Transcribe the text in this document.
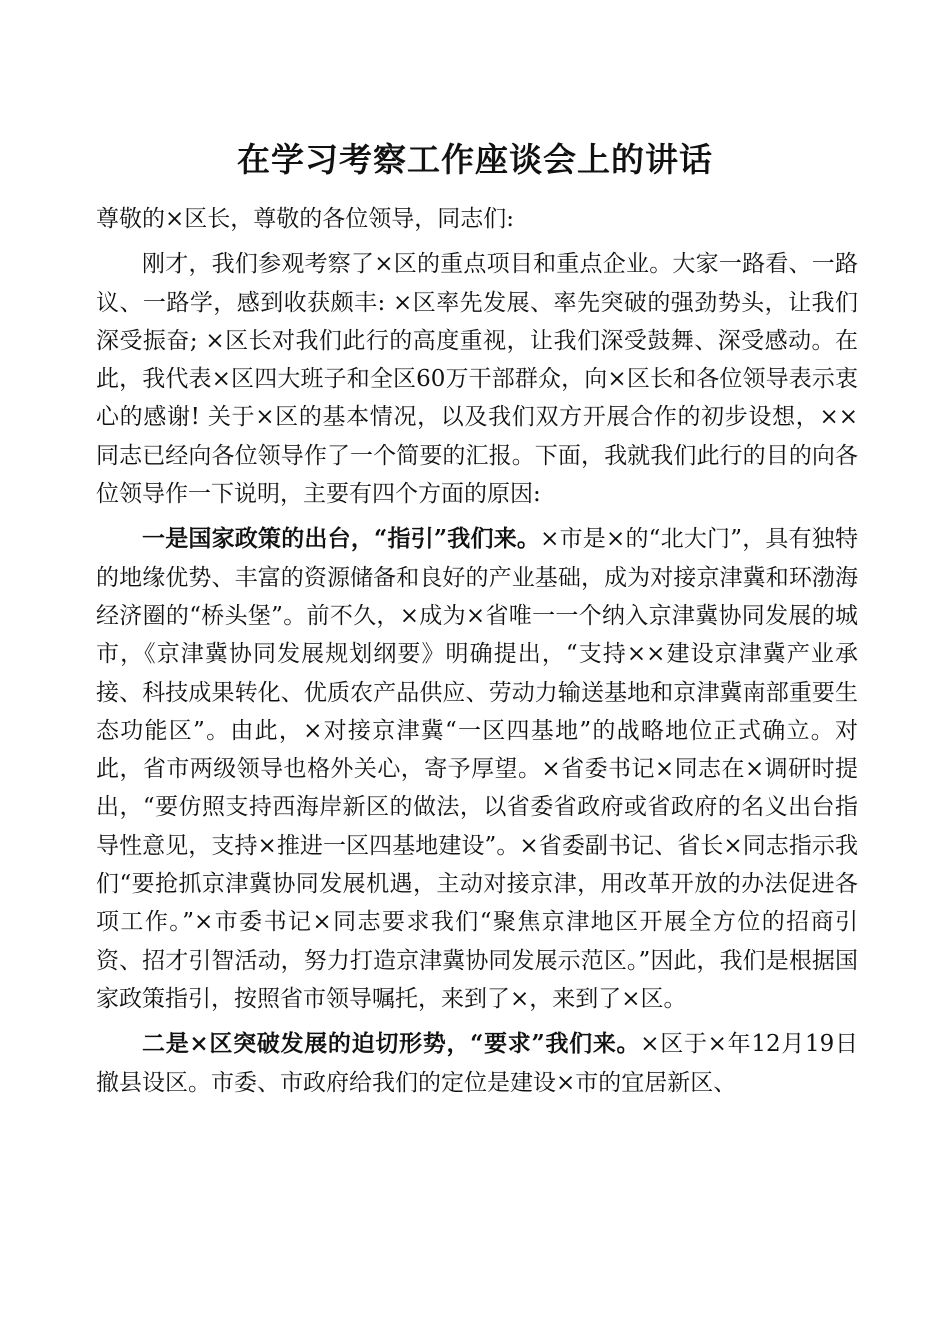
在学习考察工作座谈会上的讲话

尊敬的×区长，尊敬的各位领导，同志们:

刚才，我们参观考察了×区的重点项目和重点企业。大家一路看、一路议、一路学，感到收获颇丰: ×区率先发展、率先突破的强劲势头，让我们深受振奋; ×区长对我们此行的高度重视，让我们深受鼓舞、深受感动。在此，我代表×区四大班子和全区60万干部群众，向×区长和各位领导表示衷心的感谢! 关于×区的基本情况，以及我们双方开展合作的初步设想，××同志已经向各位领导作了一个简要的汇报。下面，我就我们此行的目的向各位领导作一下说明，主要有四个方面的原因:

一是国家政策的出台，“指引”我们来。×市是×的“北大门”，具有独特的地缘优势、丰富的资源储备和良好的产业基础，成为对接京津冀和环渤海经济圈的“桥头堡”。前不久，×成为×省唯一一个纳入京津冀协同发展的城市，《京津冀协同发展规划纲要》明确提出，“支持××建设京津冀产业承接、科技成果转化、优质农产品供应、劳动力输送基地和京津冀南部重要生态功能区”。由此，×对接京津冀“一区四基地”的战略地位正式确立。对此，省市两级领导也格外关心，寄予厚望。×省委书记×同志在×调研时提出，“要仿照支持西海岸新区的做法，以省委省政府或省政府的名义出台指导性意见，支持×推进一区四基地建设”。×省委副书记、省长×同志指示我们“要抢抓京津冀协同发展机遇，主动对接京津，用改革开放的办法促进各项工作。”×市委书记×同志要求我们“聚焦京津地区开展全方位的招商引资、招才引智活动，努力打造京津冀协同发展示范区。”因此，我们是根据国家政策指引，按照省市领导嘱托，来到了×，来到了×区。

二是×区突破发展的迫切形势，“要求”我们来。×区于×年12月19日撤县设区。市委、市政府给我们的定位是建设×市的宜居新区、
